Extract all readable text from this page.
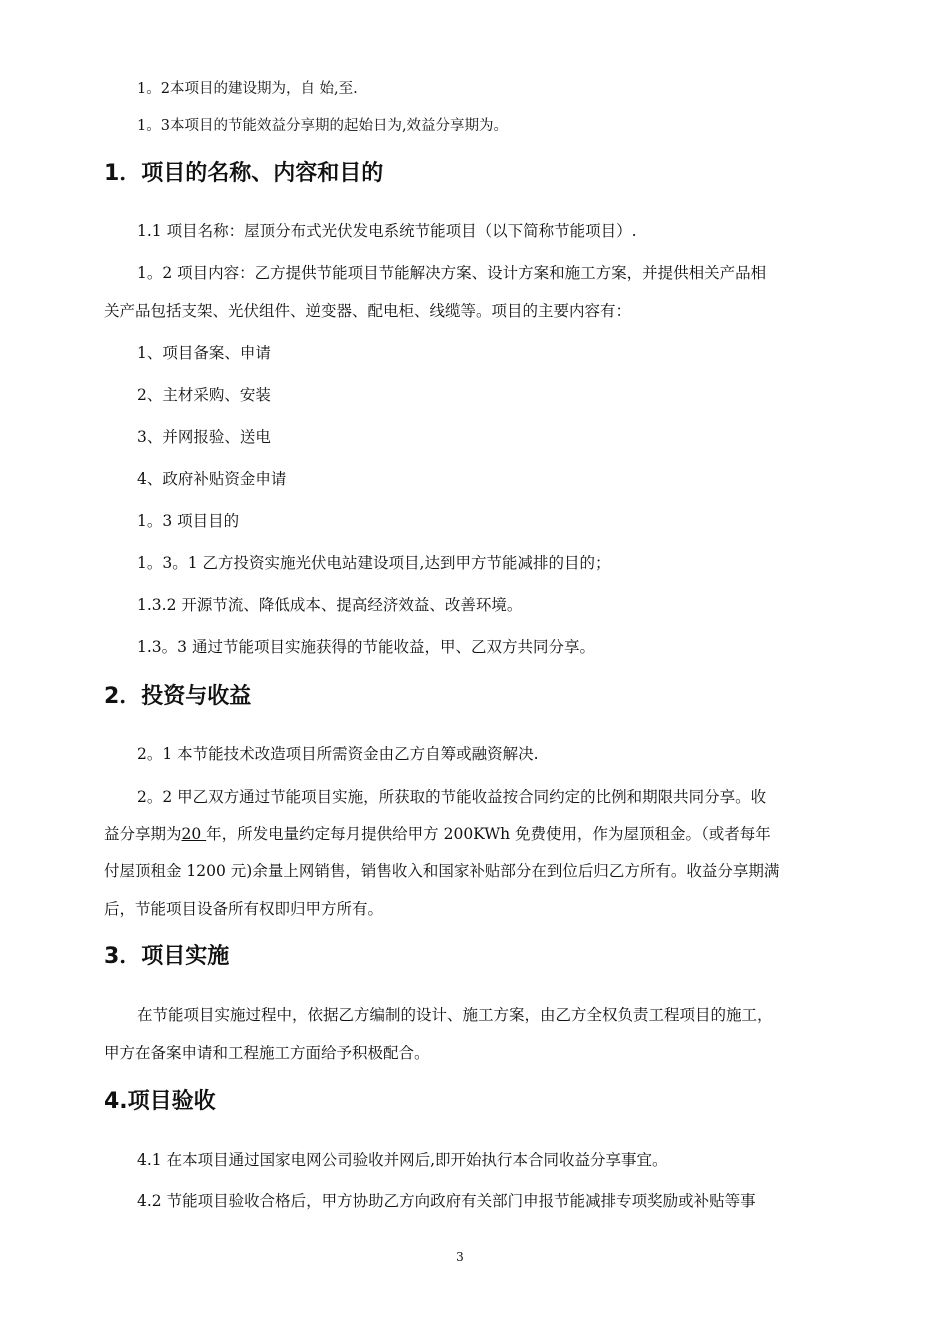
1。2本项目的建设期为，自 始,至.
1。3本项目的节能效益分享期的起始日为,效益分享期为。
1．项目的名称、内容和目的
1.1 项目名称：屋顶分布式光伏发电系统节能项目（以下简称节能项目）.
1。2 项目内容：乙方提供节能项目节能解决方案、设计方案和施工方案，并提供相关产品相
关产品包括支架、光伏组件、逆变器、配电柜、线缆等。项目的主要内容有：
1、项目备案、申请
2、主材采购、安装
3、并网报验、送电
4、政府补贴资金申请
1。3 项目目的
1。3。1 乙方投资实施光伏电站建设项目,达到甲方节能减排的目的；
1.3.2 开源节流、降低成本、提高经济效益、改善环境。
1.3。3 通过节能项目实施获得的节能收益，甲、乙双方共同分享。
2．投资与收益
2。1 本节能技术改造项目所需资金由乙方自筹或融资解决.
2。2 甲乙双方通过节能项目实施，所获取的节能收益按合同约定的比例和期限共同分享。收
益分享期为20 年，所发电量约定每月提供给甲方 200KWh 免费使用，作为屋顶租金。（或者每年
付屋顶租金 1200 元)余量上网销售，销售收入和国家补贴部分在到位后归乙方所有。收益分享期满
后，节能项目设备所有权即归甲方所有。
3．项目实施
在节能项目实施过程中，依据乙方编制的设计、施工方案，由乙方全权负责工程项目的施工，
甲方在备案申请和工程施工方面给予积极配合。
4.项目验收
4.1 在本项目通过国家电网公司验收并网后,即开始执行本合同收益分享事宜。
4.2 节能项目验收合格后，甲方协助乙方向政府有关部门申报节能减排专项奖励或补贴等事
3
